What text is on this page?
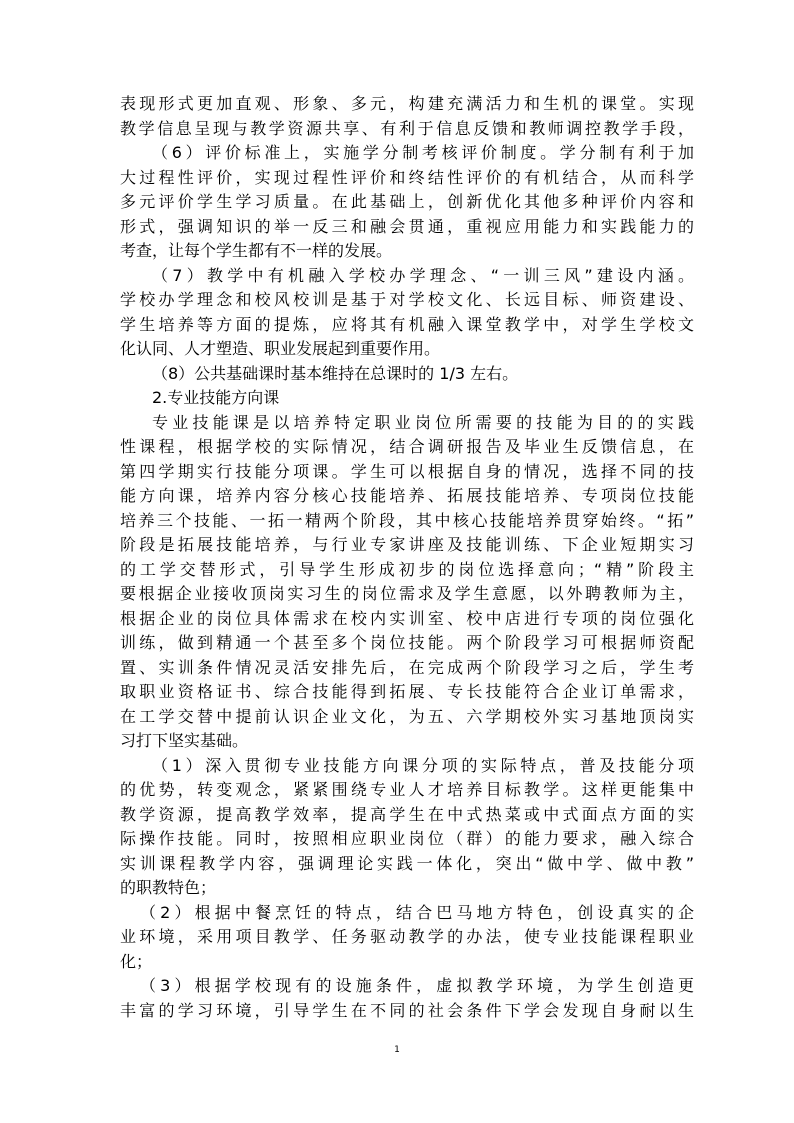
表现形式更加直观、形象、多元，构建充满活力和生机的课堂。实现
教学信息呈现与教学资源共享、有利于信息反馈和教师调控教学手段，
（6）评价标准上，实施学分制考核评价制度。学分制有利于加
大过程性评价，实现过程性评价和终结性评价的有机结合，从而科学
多元评价学生学习质量。在此基础上，创新优化其他多种评价内容和
形式，强调知识的举一反三和融会贯通，重视应用能力和实践能力的
考查，让每个学生都有不一样的发展。
（7）教学中有机融入学校办学理念、“一训三风”建设内涵。
学校办学理念和校风校训是基于对学校文化、长远目标、师资建设、
学生培养等方面的提炼，应将其有机融入课堂教学中，对学生学校文
化认同、人才塑造、职业发展起到重要作用。
（8）公共基础课时基本维持在总课时的 1/3 左右。
2.专业技能方向课
专业技能课是以培养特定职业岗位所需要的技能为目的的实践
性课程，根据学校的实际情况，结合调研报告及毕业生反馈信息，在
第四学期实行技能分项课。学生可以根据自身的情况，选择不同的技
能方向课，培养内容分核心技能培养、拓展技能培养、专项岗位技能
培养三个技能、一拓一精两个阶段，其中核心技能培养贯穿始终。“拓”
阶段是拓展技能培养，与行业专家讲座及技能训练、下企业短期实习
的工学交替形式，引导学生形成初步的岗位选择意向；“精”阶段主
要根据企业接收顶岗实习生的岗位需求及学生意愿，以外聘教师为主，
根据企业的岗位具体需求在校内实训室、校中店进行专项的岗位强化
训练，做到精通一个甚至多个岗位技能。两个阶段学习可根据师资配
置、实训条件情况灵活安排先后，在完成两个阶段学习之后，学生考
取职业资格证书、综合技能得到拓展、专长技能符合企业订单需求，
在工学交替中提前认识企业文化，为五、六学期校外实习基地顶岗实
习打下坚实基础。
（1）深入贯彻专业技能方向课分项的实际特点，普及技能分项
的优势，转变观念，紧紧围绕专业人才培养目标教学。这样更能集中
教学资源，提高教学效率，提高学生在中式热菜或中式面点方面的实
际操作技能。同时，按照相应职业岗位（群）的能力要求，融入综合
实训课程教学内容，强调理论实践一体化，突出“做中学、做中教”
的职教特色；
（2）根据中餐烹饪的特点，结合巴马地方特色，创设真实的企
业环境，采用项目教学、任务驱动教学的办法，使专业技能课程职业
化；
（3）根据学校现有的设施条件，虚拟教学环境，为学生创造更
丰富的学习环境，引导学生在不同的社会条件下学会发现自身耐以生
1
